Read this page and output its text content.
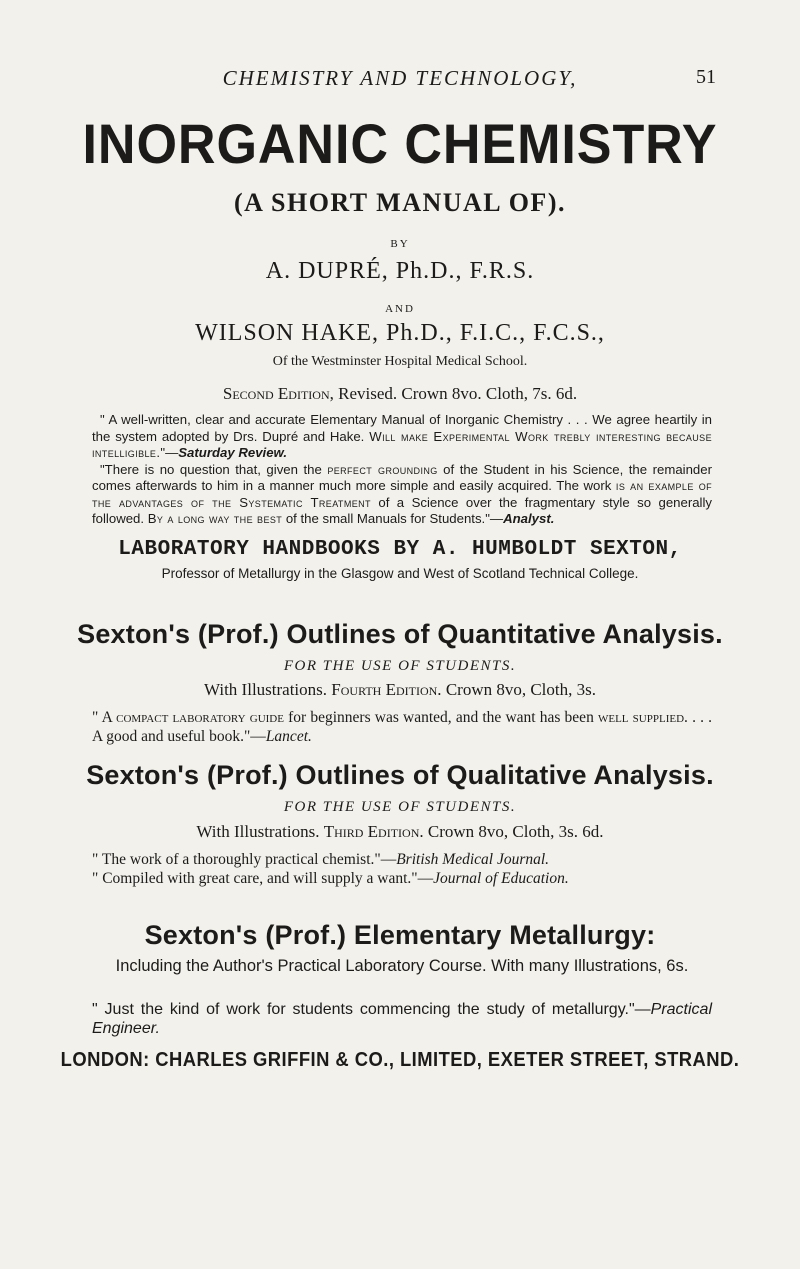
CHEMISTRY AND TECHNOLOGY,	51
INORGANIC CHEMISTRY
(A SHORT MANUAL OF).
BY
A. DUPRÉ, Ph.D., F.R.S.
AND
WILSON HAKE, Ph.D., F.I.C., F.C.S.,
Of the Westminster Hospital Medical School.
Second Edition, Revised. Crown 8vo. Cloth, 7s. 6d.

" A well-written, clear and accurate Elementary Manual of Inorganic Chemistry . . . We agree heartily in the system adopted by Drs. Dupré and Hake. Will make Experimental Work trebly interesting because intelligible."—Saturday Review.

"There is no question that, given the perfect grounding of the Student in his Science, the remainder comes afterwards to him in a manner much more simple and easily acquired. The work is an example of the advantages of the Systematic Treatment of a Science over the fragmentary style so generally followed. By a long way the best of the small Manuals for Students."—Analyst.

LABORATORY HANDBOOKS BY A. HUMBOLDT SEXTON,
Professor of Metallurgy in the Glasgow and West of Scotland Technical College.
Sexton's (Prof.) Outlines of Quantitative Analysis.
FOR THE USE OF STUDENTS.
With Illustrations. Fourth Edition. Crown 8vo, Cloth, 3s.
" A compact laboratory guide for beginners was wanted, and the want has been well supplied. . . . A good and useful book."—Lancet.
Sexton's (Prof.) Outlines of Qualitative Analysis.
FOR THE USE OF STUDENTS.
With Illustrations. Third Edition. Crown 8vo, Cloth, 3s. 6d.
" The work of a thoroughly practical chemist."—British Medical Journal.
" Compiled with great care, and will supply a want."—Journal of Education.
Sexton's (Prof.) Elementary Metallurgy:
Including the Author's Practical Laboratory Course. With many Illustrations, 6s.
" Just the kind of work for students commencing the study of metallurgy."—Practical Engineer.
LONDON: CHARLES GRIFFIN & CO., LIMITED, EXETER STREET, STRAND.
